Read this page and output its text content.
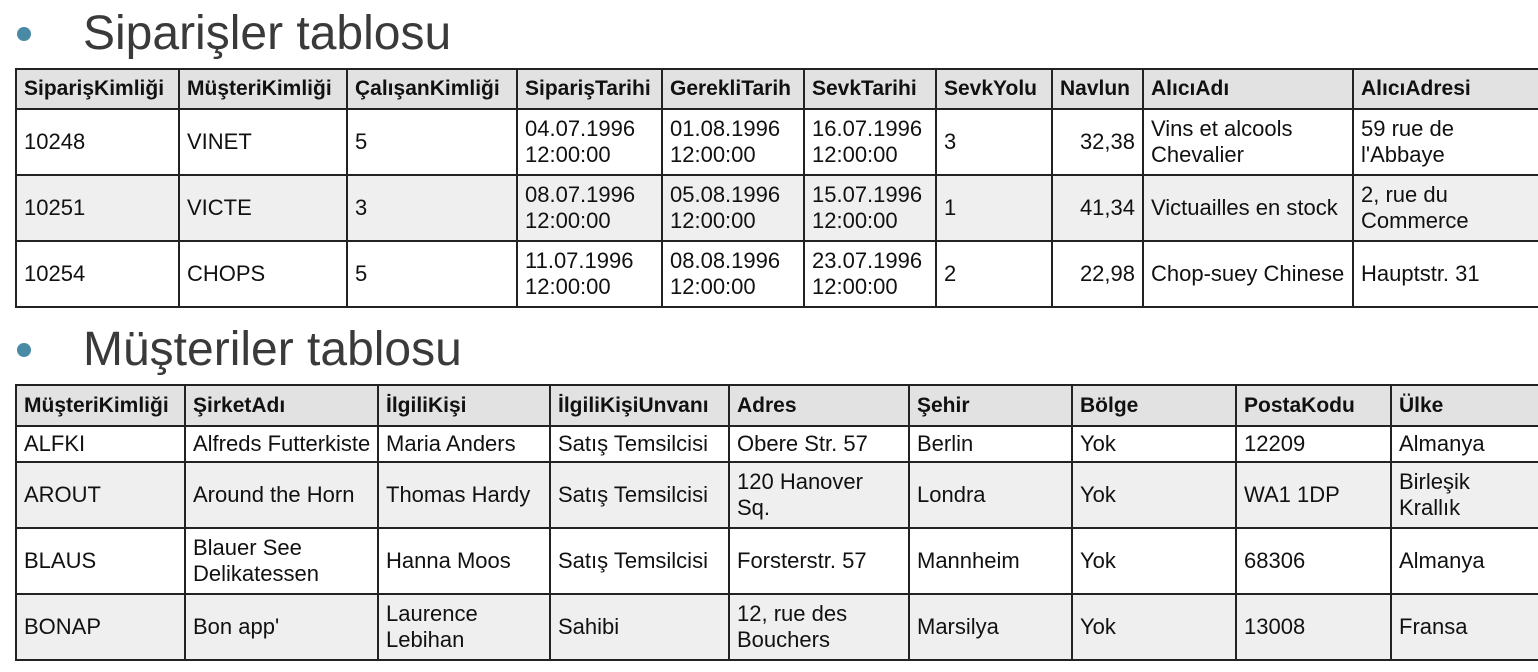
Siparişler tablosu
SiparişKimliği	MüşteriKimliği	ÇalışanKimliği	SiparişTarihi	GerekliTarih	SevkTarihi	SevkYolu	Navlun	AlıcıAdı	AlıcıAdresi
10248	VINET	5	04.07.1996 12:00:00	01.08.1996 12:00:00	16.07.1996 12:00:00	3	32,38	Vins et alcools Chevalier	59 rue de l'Abbaye
10251	VICTE	3	08.07.1996 12:00:00	05.08.1996 12:00:00	15.07.1996 12:00:00	1	41,34	Victuailles en stock	2, rue du Commerce
10254	CHOPS	5	11.07.1996 12:00:00	08.08.1996 12:00:00	23.07.1996 12:00:00	2	22,98	Chop-suey Chinese	Hauptstr. 31
Müşteriler tablosu
MüşteriKimliği	ŞirketAdı	İlgiliKişi	İlgiliKişiUnvanı	Adres	Şehir	Bölge	PostaKodu	Ülke
ALFKI	Alfreds Futterkiste	Maria Anders	Satış Temsilcisi	Obere Str. 57	Berlin	Yok	12209	Almanya
AROUT	Around the Horn	Thomas Hardy	Satış Temsilcisi	120 Hanover Sq.	Londra	Yok	WA1 1DP	Birleşik Krallık
BLAUS	Blauer See Delikatessen	Hanna Moos	Satış Temsilcisi	Forsterstr. 57	Mannheim	Yok	68306	Almanya
BONAP	Bon app'	Laurence Lebihan	Sahibi	12, rue des Bouchers	Marsilya	Yok	13008	Fransa
